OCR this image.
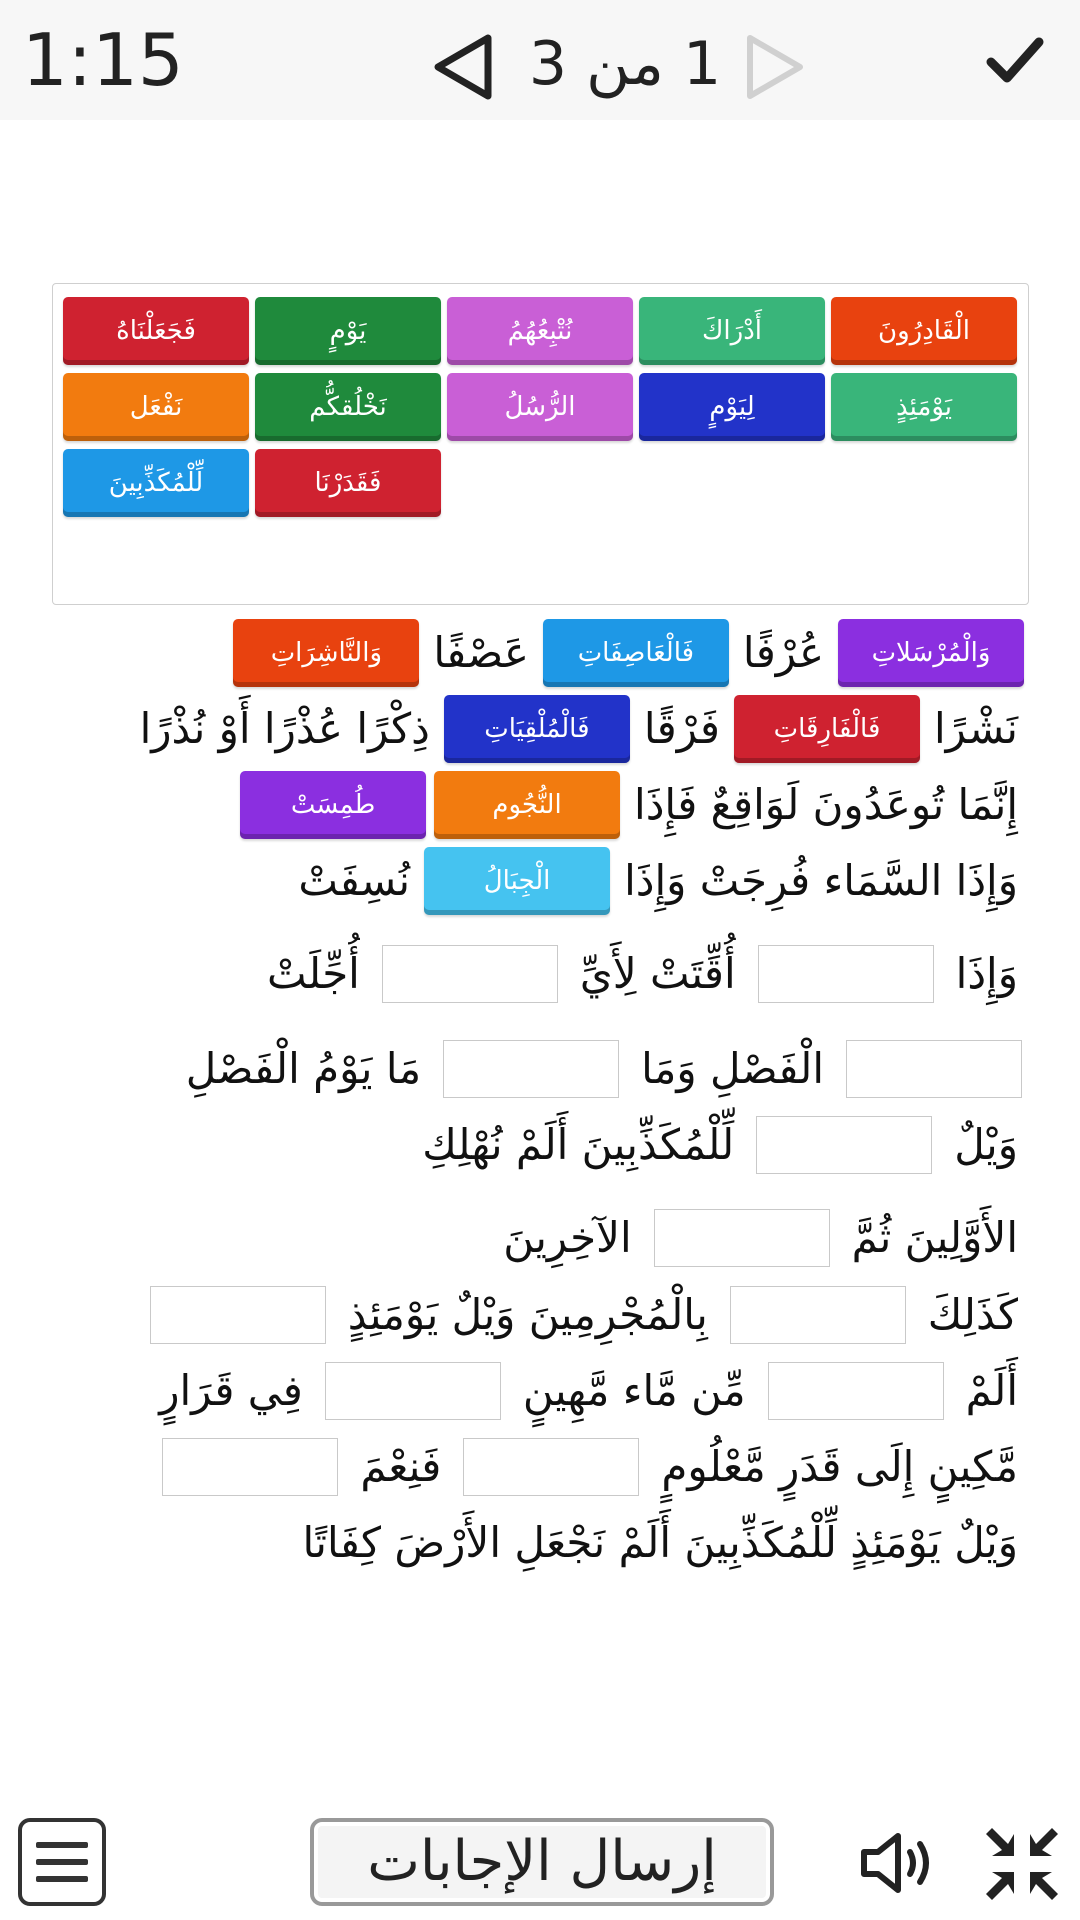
1:15	1 من 3
فَجَعَلْنَاهُ	يَوْمٍ	نُتْبِعُهُمُ	أَدْرَاكَ	الْقَادِرُونَ
نَفْعَل	نَخْلُقكُّم	الرُّسُلُ	لِيَوْمٍ	يَوْمَئِذٍ
لِّلْمُكَذِّبِينَ	فَقَدَرْنَا
وَالْمُرْسَلاتِ
عُرْفًا
فَالْعَاصِفَاتِ
عَصْفًا
وَالنَّاشِرَاتِ
نَشْرًا
فَالْفَارِقَاتِ
فَرْقًا
فَالْمُلْقِيَاتِ
ذِكْرًا عُذْرًا أَوْ نُذْرًا
إِنَّمَا تُوعَدُونَ لَوَاقِعٌ فَإِذَا
النُّجُوم
طُمِسَتْ
وَإِذَا السَّمَاء فُرِجَتْ وَإِذَا
الْجِبَالُ
نُسِفَتْ
وَإِذَا
أُقِّتَتْ لِأَيِّ
أُجِّلَتْ
الْفَصْلِ وَمَا
مَا يَوْمُ الْفَصْلِ
وَيْلٌ
لِّلْمُكَذِّبِينَ أَلَمْ نُهْلِكِ
الأَوَّلِينَ ثُمَّ
الآخِرِينَ
كَذَلِكَ
بِالْمُجْرِمِينَ وَيْلٌ يَوْمَئِذٍ
أَلَمْ
مِّن مَّاء مَّهِينٍ
فِي قَرَارٍ
مَّكِينٍ إِلَى قَدَرٍ مَّعْلُومٍ
فَنِعْمَ
وَيْلٌ يَوْمَئِذٍ لِّلْمُكَذِّبِينَ أَلَمْ نَجْعَلِ الأَرْضَ كِفَاتًا
إرسال الإجابات
